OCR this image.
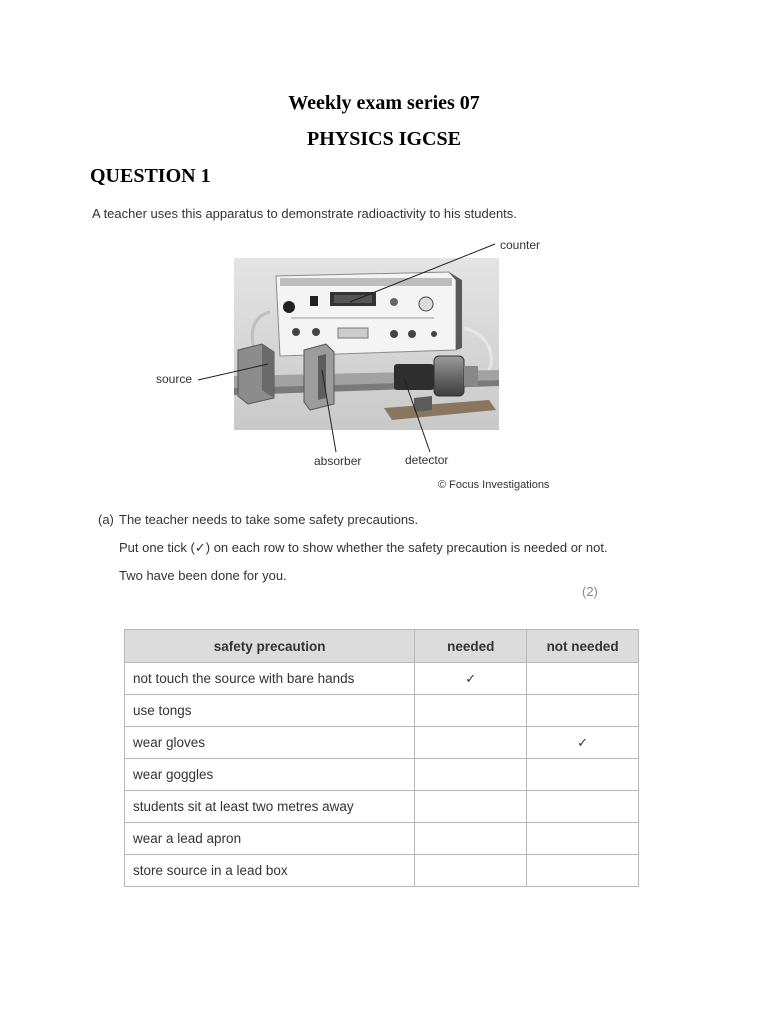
Weekly exam series 07
PHYSICS IGCSE
QUESTION 1
A teacher uses this apparatus to demonstrate radioactivity to his students.
counter
source
absorber	detector
© Focus Investigations
(a) The teacher needs to take some safety precautions.
Put one tick (✓) on each row to show whether the safety precaution is needed or not.
Two have been done for you.
(2)
safety precaution	needed	not needed
not touch the source with bare hands	✓	
use tongs		
wear gloves		✓
wear goggles		
students sit at least two metres away		
wear a lead apron		
store source in a lead box		
